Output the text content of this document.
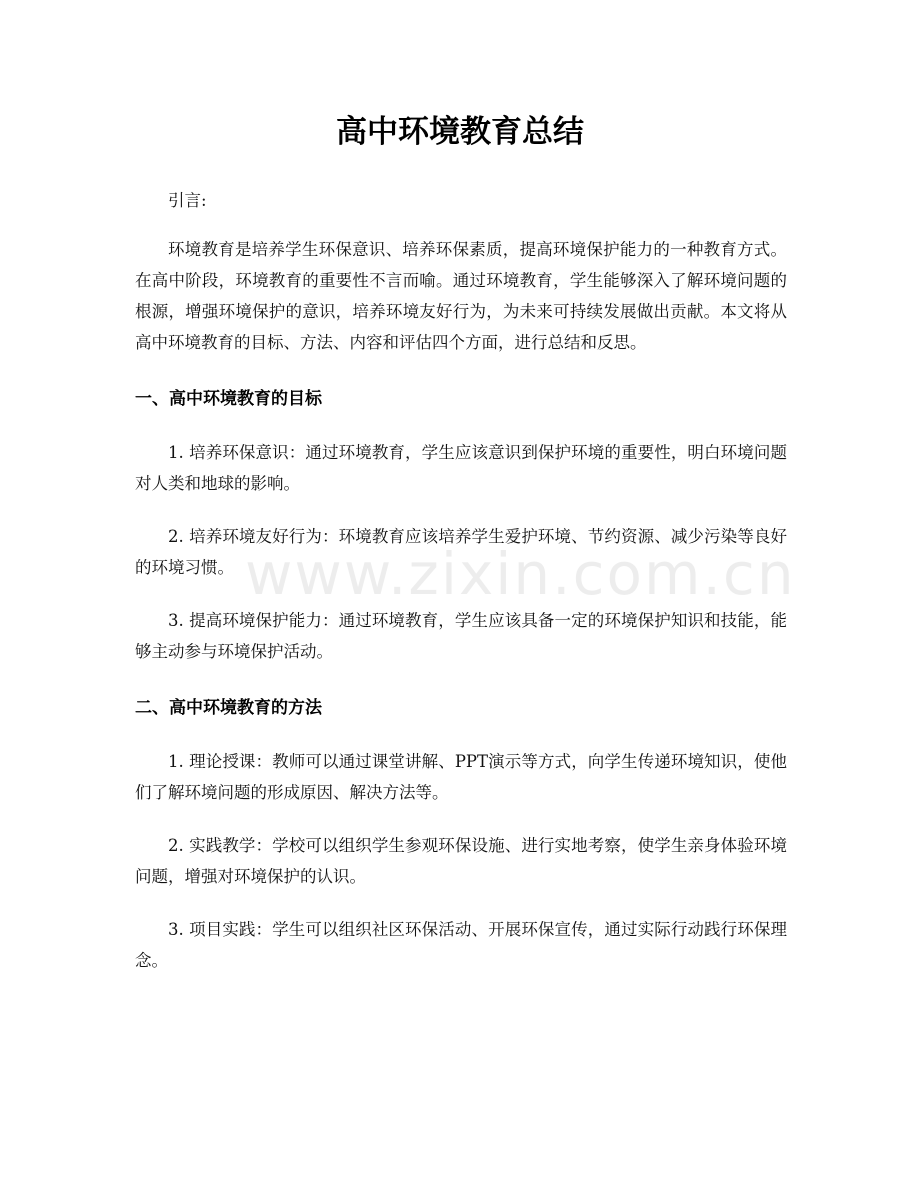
www.zixin.com.cn
高中环境教育总结

引言:

环境教育是培养学生环保意识、培养环保素质，提高环境保护能力的一种教育方式。在高中阶段，环境教育的重要性不言而喻。通过环境教育，学生能够深入了解环境问题的根源，增强环境保护的意识，培养环境友好行为，为未来可持续发展做出贡献。本文将从高中环境教育的目标、方法、内容和评估四个方面，进行总结和反思。

一、高中环境教育的目标

1. 培养环保意识：通过环境教育，学生应该意识到保护环境的重要性，明白环境问题对人类和地球的影响。

2. 培养环境友好行为：环境教育应该培养学生爱护环境、节约资源、减少污染等良好的环境习惯。

3. 提高环境保护能力：通过环境教育，学生应该具备一定的环境保护知识和技能，能够主动参与环境保护活动。

二、高中环境教育的方法

1. 理论授课：教师可以通过课堂讲解、PPT演示等方式，向学生传递环境知识，使他们了解环境问题的形成原因、解决方法等。

2. 实践教学：学校可以组织学生参观环保设施、进行实地考察，使学生亲身体验环境问题，增强对环境保护的认识。

3. 项目实践：学生可以组织社区环保活动、开展环保宣传，通过实际行动践行环保理念。
